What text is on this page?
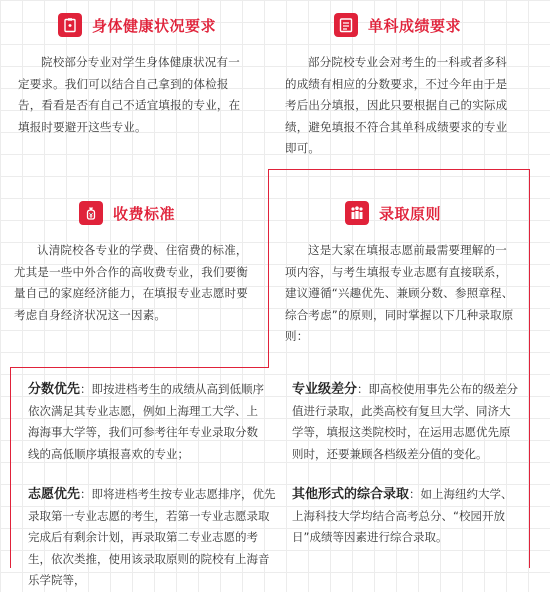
身体健康状况要求

院校部分专业对学生身体健康状况有一定要求。我们可以结合自己拿到的体检报告，看看是否有自己不适宜填报的专业，在填报时要避开这些专业。

单科成绩要求

部分院校专业会对考生的一科或者多科的成绩有相应的分数要求，不过今年由于是考后出分填报，因此只要根据自己的实际成绩，避免填报不符合其单科成绩要求的专业即可。

收费标准

认清院校各专业的学费、住宿费的标准，尤其是一些中外合作的高收费专业，我们要衡量自己的家庭经济能力，在填报专业志愿时要考虑自身经济状况这一因素。

录取原则

这是大家在填报志愿前最需要理解的一项内容，与考生填报专业志愿有直接联系，建议遵循“兴趣优先、兼顾分数、参照章程、综合考虑”的原则，同时掌握以下几种录取原则：

分数优先：即按进档考生的成绩从高到低顺序依次满足其专业志愿，例如上海理工大学、上海海事大学等，我们可参考往年专业录取分数线的高低顺序填报喜欢的专业；

专业级差分：即高校使用事先公布的级差分值进行录取，此类高校有复旦大学、同济大学等，填报这类院校时，在运用志愿优先原则时，还要兼顾各档级差分值的变化。

志愿优先：即将进档考生按专业志愿排序，优先录取第一专业志愿的考生，若第一专业志愿录取完成后有剩余计划，再录取第二专业志愿的考生，依次类推，使用该录取原则的院校有上海音乐学院等，

其他形式的综合录取：如上海纽约大学、上海科技大学均结合高考总分、“校园开放日”成绩等因素进行综合录取。
